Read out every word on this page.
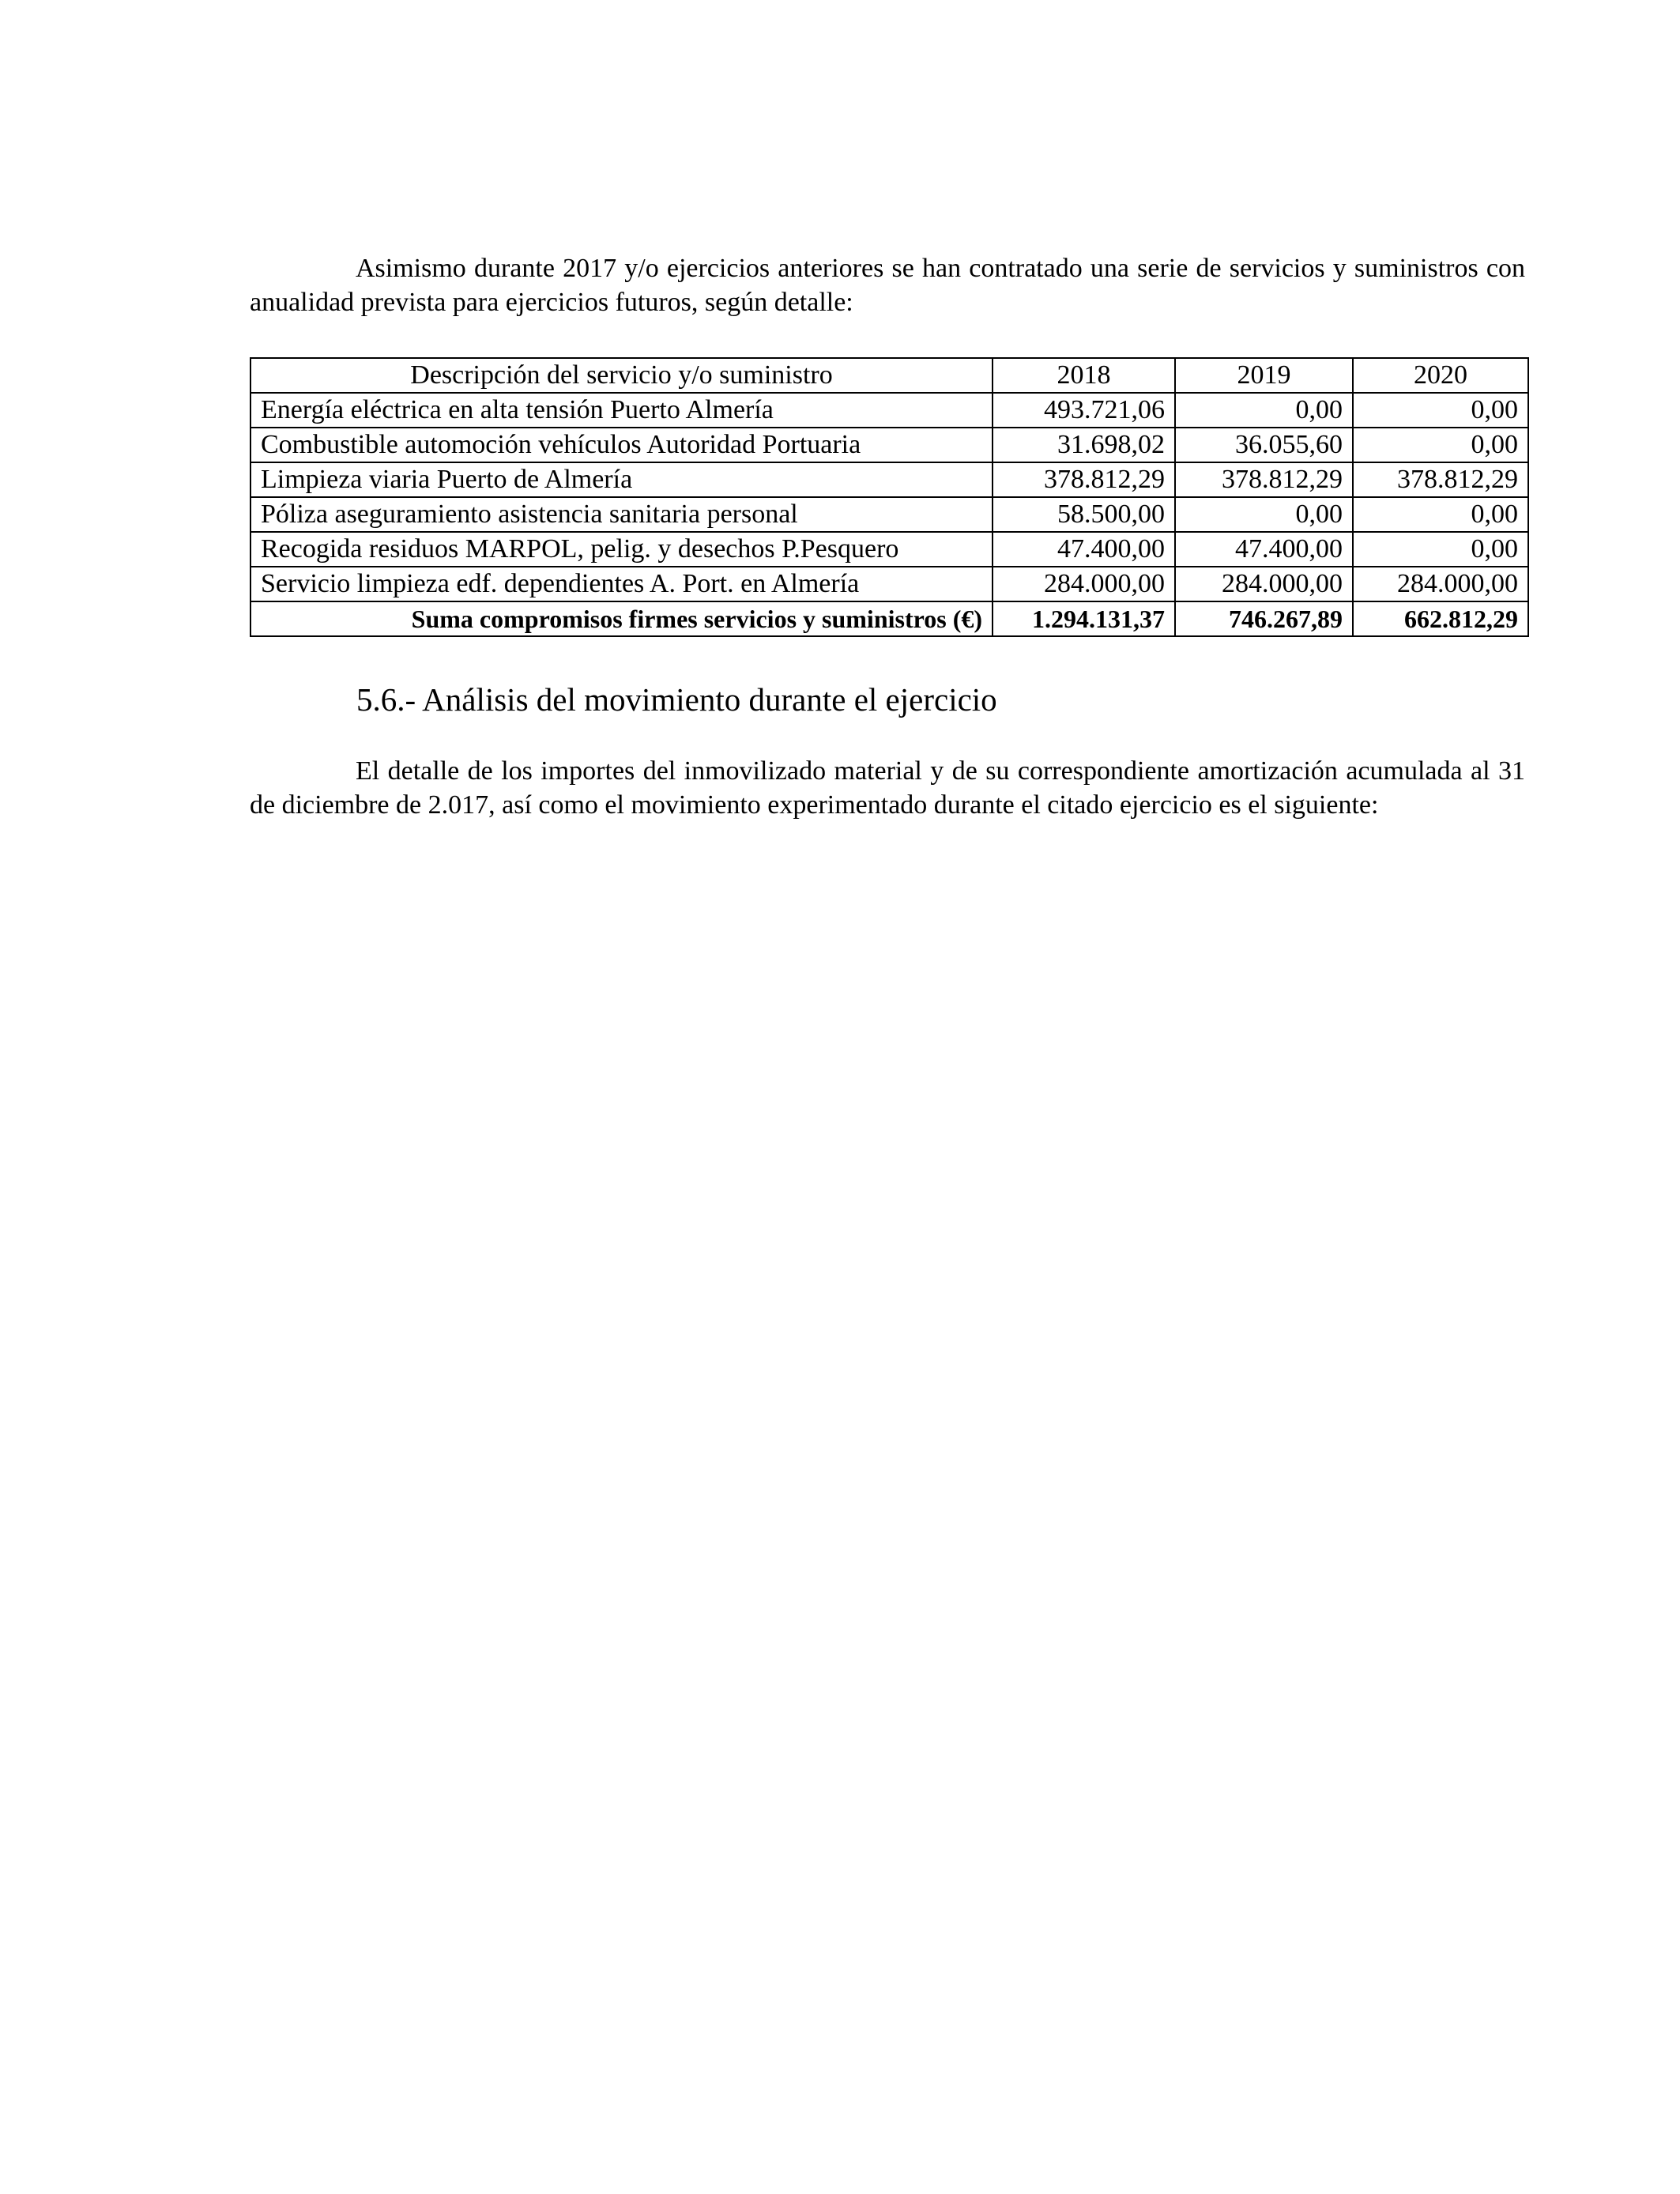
Asimismo durante 2017 y/o ejercicios anteriores se han contratado una serie de servicios y suministros con anualidad prevista para ejercicios futuros, según detalle:

Descripción del servicio y/o suministro	2018	2019	2020
Energía eléctrica en alta tensión Puerto Almería	493.721,06	0,00	0,00
Combustible automoción vehículos Autoridad Portuaria	31.698,02	36.055,60	0,00
Limpieza viaria Puerto de Almería	378.812,29	378.812,29	378.812,29
Póliza aseguramiento asistencia sanitaria personal	58.500,00	0,00	0,00
Recogida residuos MARPOL, pelig. y desechos P.Pesquero	47.400,00	47.400,00	0,00
Servicio limpieza edf. dependientes A. Port. en Almería	284.000,00	284.000,00	284.000,00
Suma compromisos firmes servicios y suministros (€)	1.294.131,37	746.267,89	662.812,29
5.6.- Análisis del movimiento durante el ejercicio

El detalle de los importes del inmovilizado material y de su correspondiente amortización acumulada al 31 de diciembre de 2.017, así como el movimiento experimentado durante el citado ejercicio es el siguiente:
